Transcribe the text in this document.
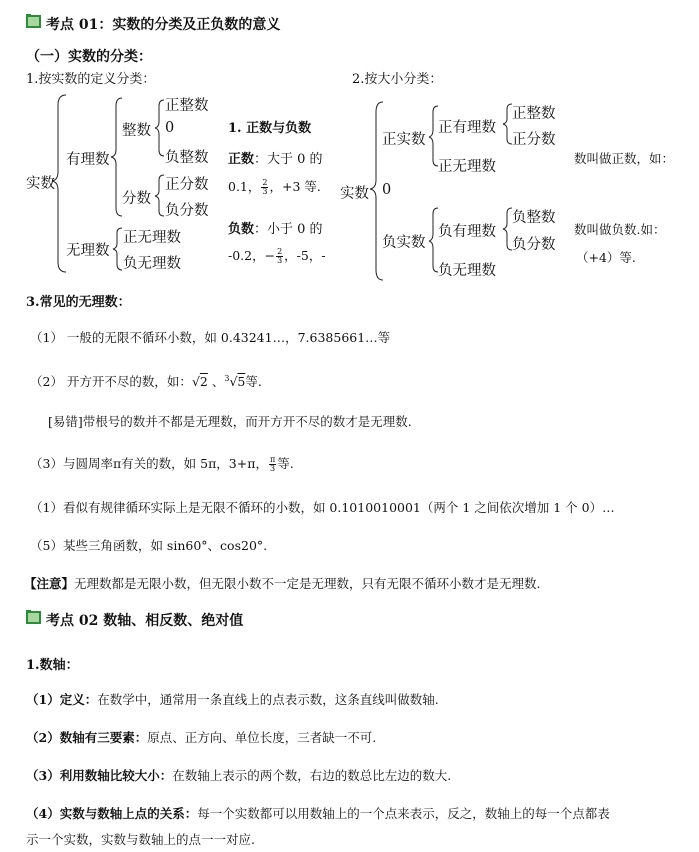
考点 01：实数的分类及正负数的意义
（一）实数的分类：
1.按实数的定义分类：	2.按大小分类：
实数
有理数
无理数
整数
分数
正整数
0
负整数
正分数
负分数
正无理数
负无理数
1. 正数与负数
正数：大于 0 的
0.1， $\frac{2}{3}$ ，+3 等.
负数：小于 0 的
-0.2，− $\frac{2}{3}$ ，-5，-
实数
正实数
0
负实数
正有理数
正无理数
负有理数
负无理数
正整数
正分数
负整数
负分数
数叫做正数，如：
数叫做负数.如：
（+4）等.
3.常见的无理数：
（1） 一般的无限不循环小数，如 0.43241…，7.6385661…等
（2） 开方开不尽的数，如：√2 、$^3$√5等.
[易错]带根号的数并不都是无理数，而开方开不尽的数才是无理数.
（3）与圆周率π有关的数，如 5π，3+π， $\frac{\pi}{3}$ 等.
（1）看似有规律循环实际上是无限不循环的小数，如 0.1010010001（两个 1 之间依次增加 1 个 0）…
（5）某些三角函数，如 sin60°、cos20°.
【注意】无理数都是无限小数，但无限小数不一定是无理数，只有无限不循环小数才是无理数.
考点 02 数轴、相反数、绝对值
1.数轴：
（1）定义：在数学中，通常用一条直线上的点表示数，这条直线叫做数轴.
（2）数轴有三要素：原点、正方向、单位长度，三者缺一不可.
（3）利用数轴比较大小：在数轴上表示的两个数，右边的数总比左边的数大.
（4）实数与数轴上点的关系：每一个实数都可以用数轴上的一个点来表示，反之，数轴上的每一个点都表
示一个实数，实数与数轴上的点一一对应.
